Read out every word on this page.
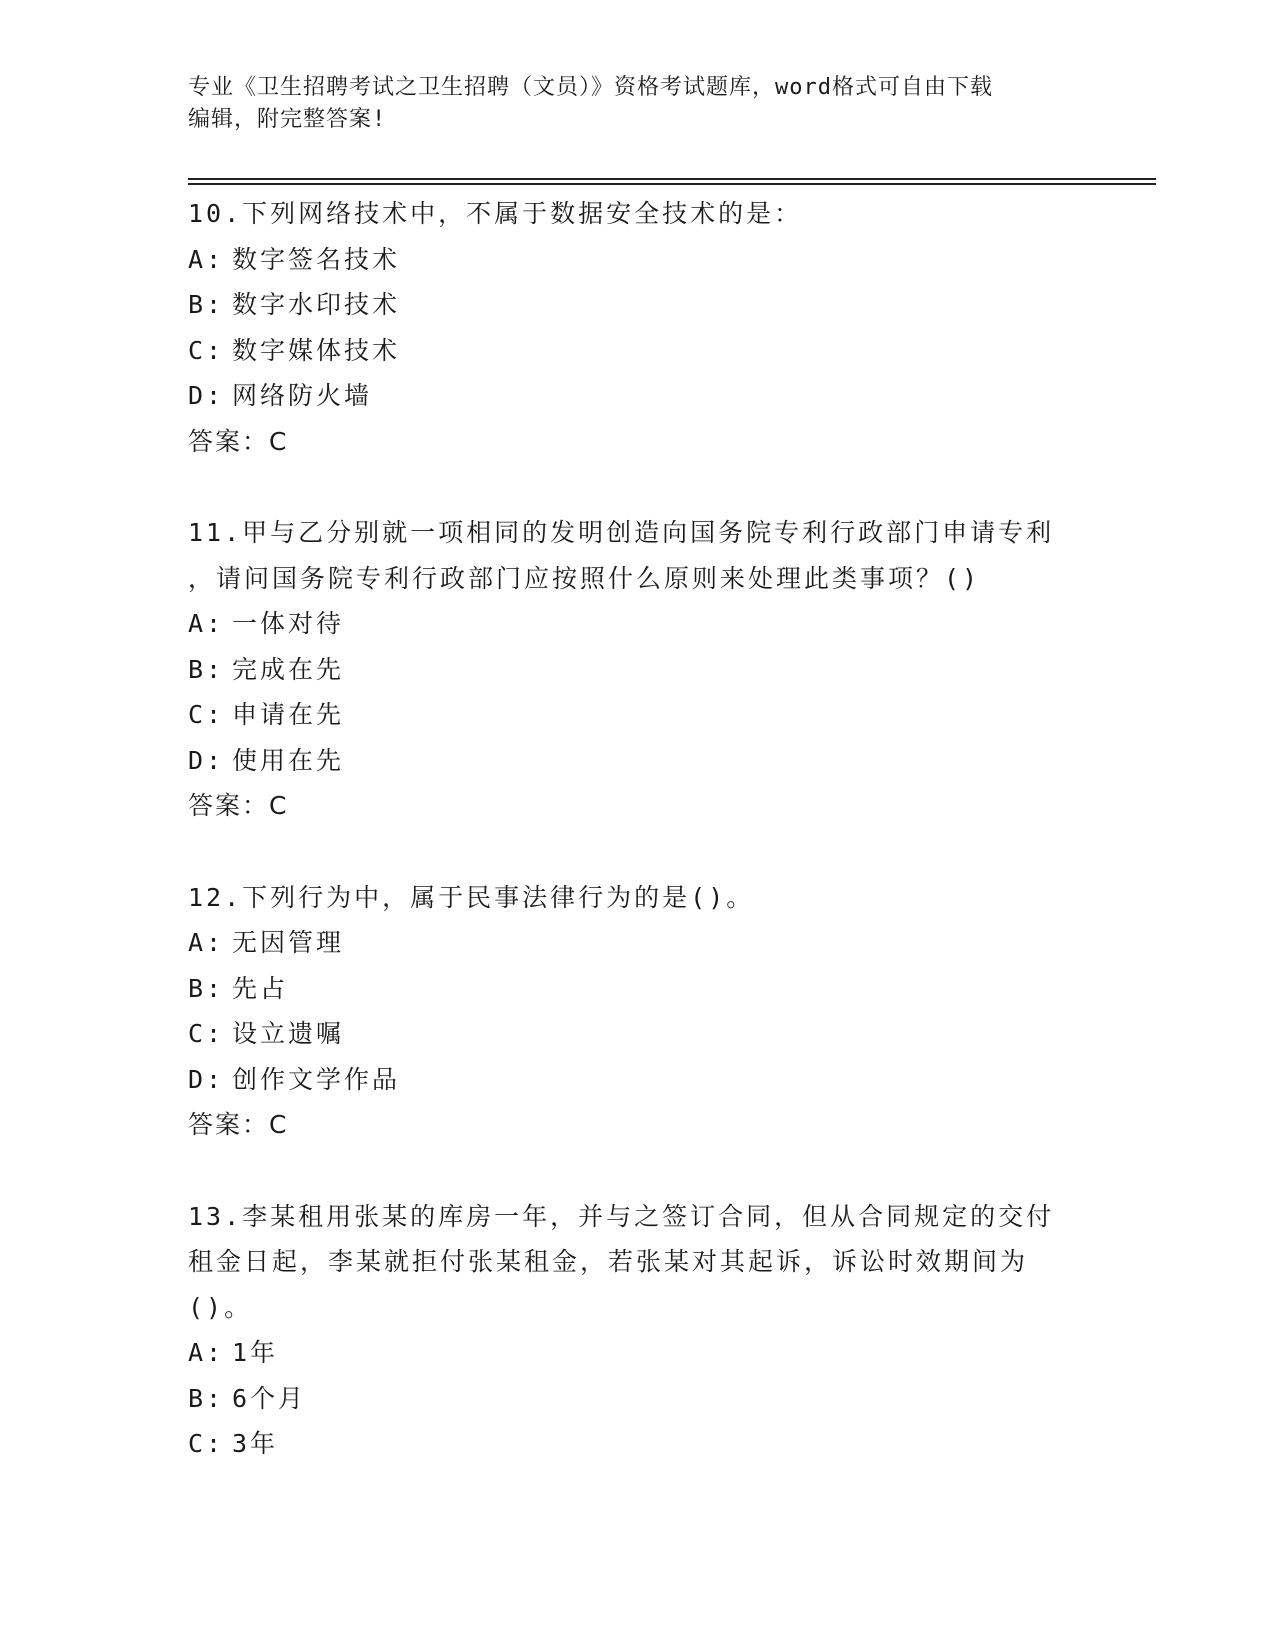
专业《卫生招聘考试之卫生招聘（文员）》资格考试题库，word格式可自由下载
编辑，附完整答案!
10.下列网络技术中，不属于数据安全技术的是：
A: 数字签名技术
B: 数字水印技术
C: 数字媒体技术
D: 网络防火墙
答案：C
11.甲与乙分别就一项相同的发明创造向国务院专利行政部门申请专利
，请问国务院专利行政部门应按照什么原则来处理此类事项？()
A: 一体对待
B: 完成在先
C: 申请在先
D: 使用在先
答案：C
12.下列行为中，属于民事法律行为的是()。
A: 无因管理
B: 先占
C: 设立遗嘱
D: 创作文学作品
答案：C
13.李某租用张某的库房一年，并与之签订合同，但从合同规定的交付
租金日起，李某就拒付张某租金，若张某对其起诉，诉讼时效期间为
()。
A: 1年
B: 6个月
C: 3年
